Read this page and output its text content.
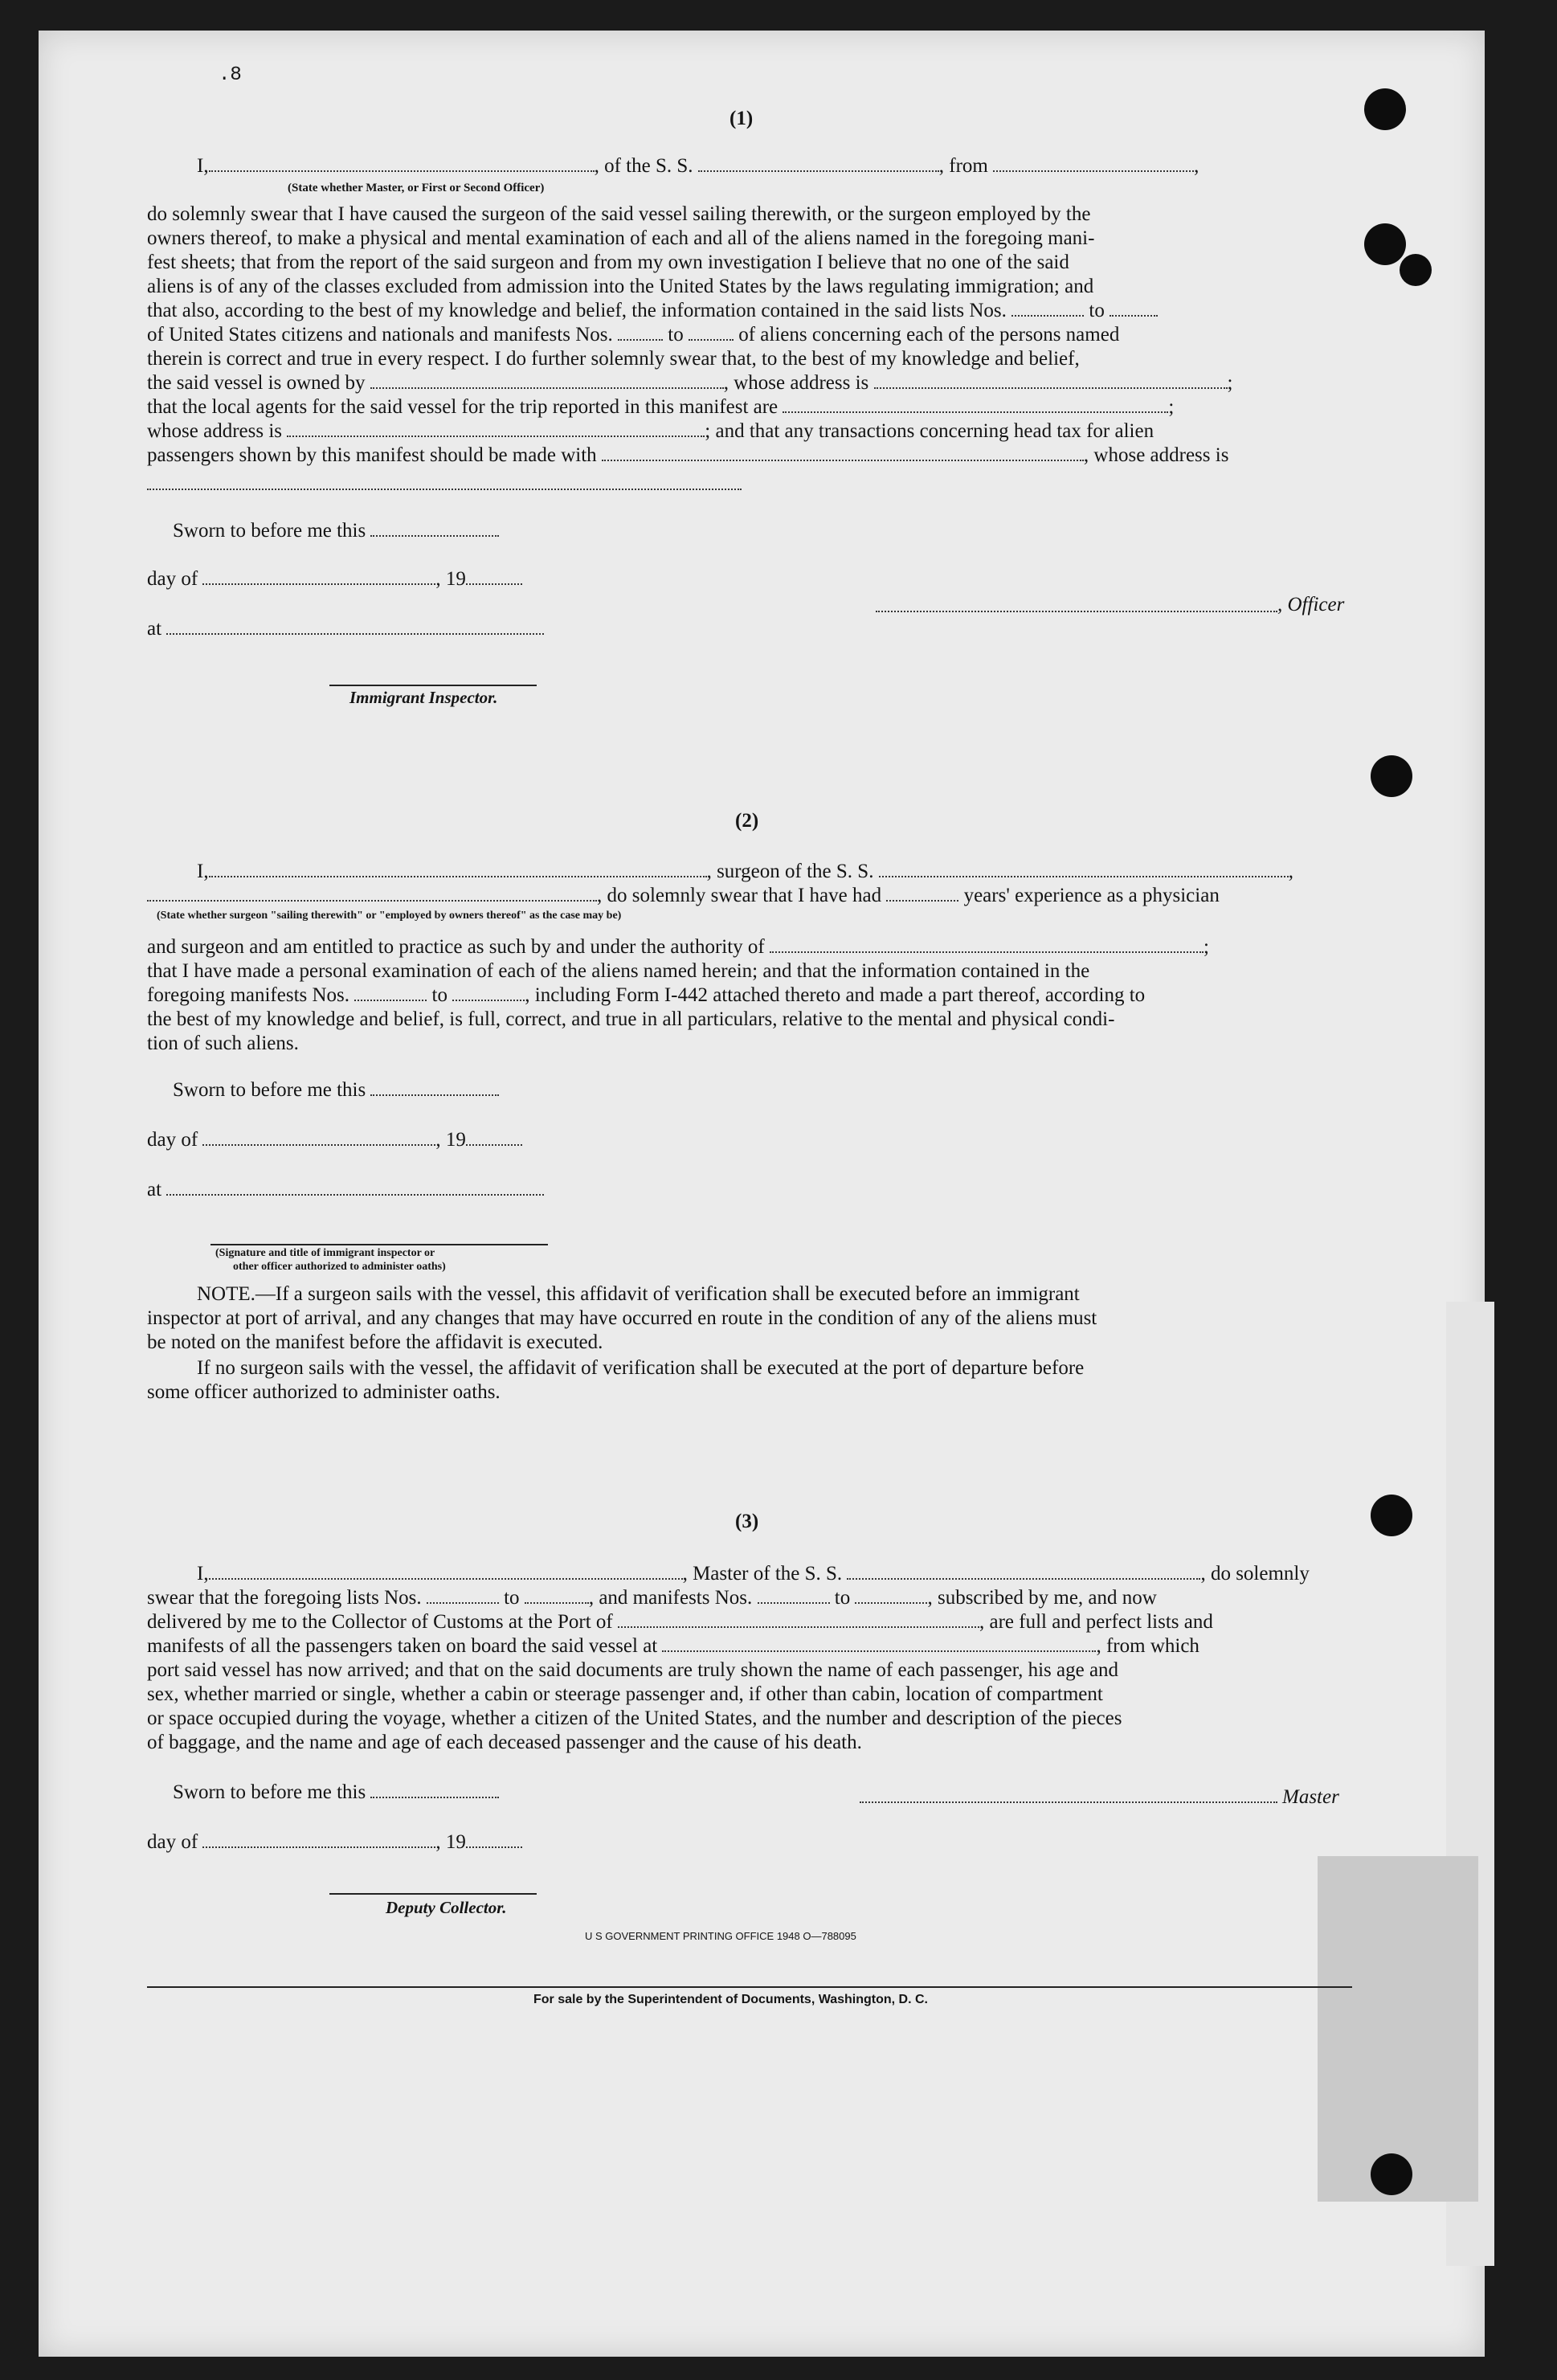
.8
(1)
I,	, of the S. S.	, from	,
(State whether Master, or First or Second Officer)
do solemnly swear that I have caused the surgeon of the said vessel sailing therewith, or the surgeon employed by the
owners thereof, to make a physical and mental examination of each and all of the aliens named in the foregoing mani-
fest sheets; that from the report of the said surgeon and from my own investigation I believe that no one of the said
aliens is of any of the classes excluded from admission into the United States by the laws regulating immigration; and
that also, according to the best of my knowledge and belief, the information contained in the said lists Nos.	to
of United States citizens and nationals and manifests Nos.	to	of aliens concerning each of the persons named
therein is correct and true in every respect. I do further solemnly swear that, to the best of my knowledge and belief,
the said vessel is owned by	, whose address is	;
that the local agents for the said vessel for the trip reported in this manifest are	;
whose address is	; and that any transactions concerning head tax for alien
passengers shown by this manifest should be made with	, whose address is
Sworn to before me this
day of	, 19
, Officer
at
Immigrant Inspector.
(2)
I,	, surgeon of the S. S.	,
, do solemnly swear that I have had	years' experience as a physician
(State whether surgeon "sailing therewith" or "employed by owners thereof" as the case may be)
and surgeon and am entitled to practice as such by and under the authority of	;
that I have made a personal examination of each of the aliens named herein; and that the information contained in the
foregoing manifests Nos.	to	, including Form I-442 attached thereto and made a part thereof, according to
the best of my knowledge and belief, is full, correct, and true in all particulars, relative to the mental and physical condi-
tion of such aliens.
Sworn to before me this
day of	, 19
at
(Signature and title of immigrant inspector or
other officer authorized to administer oaths)
NOTE.—If a surgeon sails with the vessel, this affidavit of verification shall be executed before an immigrant
inspector at port of arrival, and any changes that may have occurred en route in the condition of any of the aliens must
be noted on the manifest before the affidavit is executed.
If no surgeon sails with the vessel, the affidavit of verification shall be executed at the port of departure before
some officer authorized to administer oaths.
(3)
I,	, Master of the S. S.	, do solemnly
swear that the foregoing lists Nos.	to	, and manifests Nos.	to	, subscribed by me, and now
delivered by me to the Collector of Customs at the Port of	, are full and perfect lists and
manifests of all the passengers taken on board the said vessel at	, from which
port said vessel has now arrived; and that on the said documents are truly shown the name of each passenger, his age and
sex, whether married or single, whether a cabin or steerage passenger and, if other than cabin, location of compartment
or space occupied during the voyage, whether a citizen of the United States, and the number and description of the pieces
of baggage, and the name and age of each deceased passenger and the cause of his death.
Sworn to before me this	Master
day of	, 19
Deputy Collector.
U S GOVERNMENT PRINTING OFFICE 1948 O—788095
For sale by the Superintendent of Documents, Washington, D. C.
